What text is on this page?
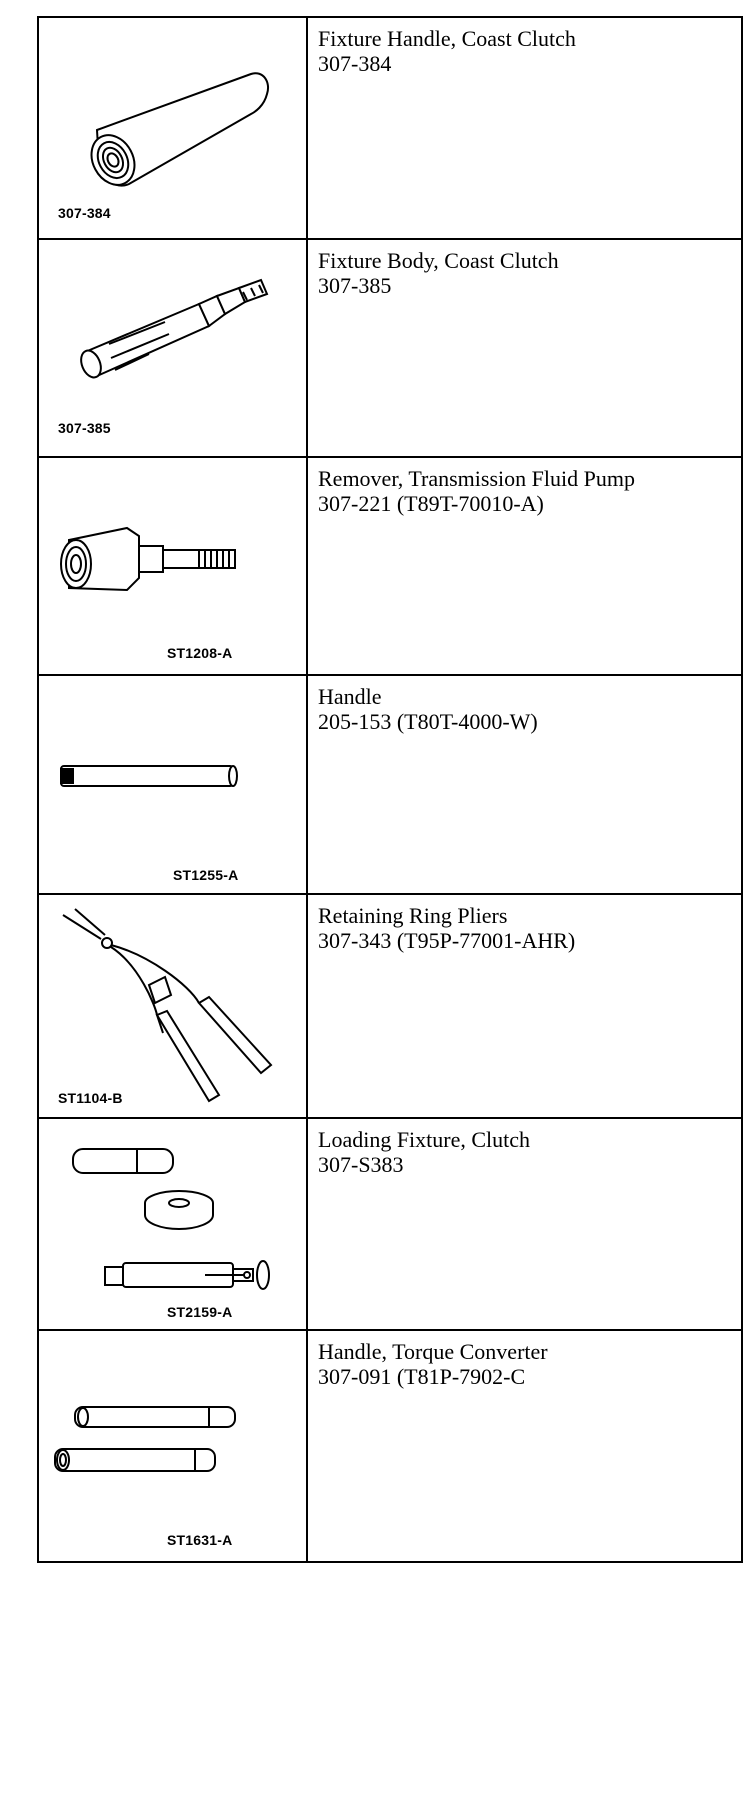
307-384	Fixture Handle, Coast Clutch
307-384

307-385	Fixture Body, Coast Clutch
307-385

ST1208-A	Remover, Transmission Fluid Pump
307-221 (T89T-70010-A)

ST1255-A	Handle
205-153 (T80T-4000-W)

ST1104-B	Retaining Ring Pliers
307-343 (T95P-77001-AHR)

ST2159-A	Loading Fixture, Clutch
307-S383

ST1631-A	Handle, Torque Converter
307-091 (T81P-7902-C
